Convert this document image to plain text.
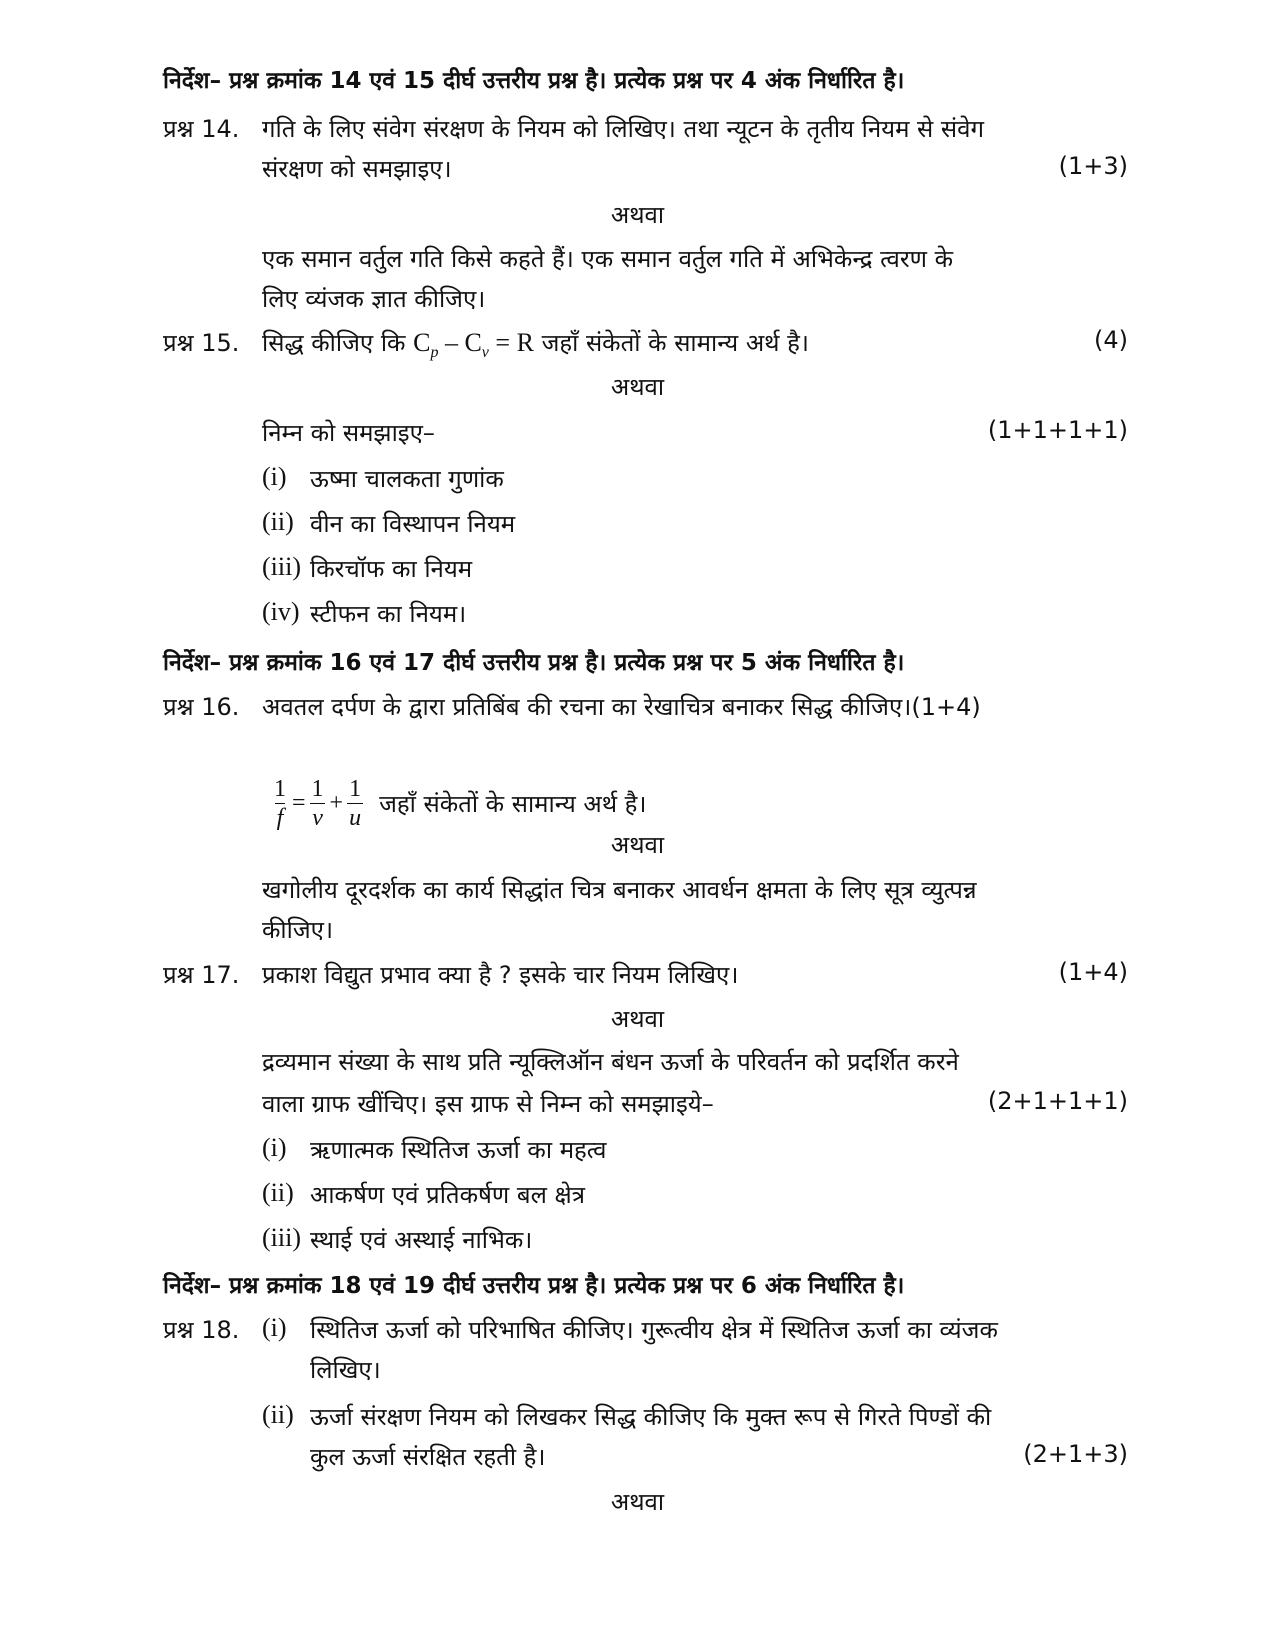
निर्देश– प्रश्न क्रमांक 14 एवं 15 दीर्घ उत्तरीय प्रश्न है। प्रत्येक प्रश्न पर 4 अंक निर्धारित है।
प्रश्न 14. गति के लिए संवेग संरक्षण के नियम को लिखिए। तथा न्यूटन के तृतीय नियम से संवेग
संरक्षण को समझाइए।	(1+3)
अथवा
एक समान वर्तुल गति किसे कहते हैं। एक समान वर्तुल गति में अभिकेन्द्र त्वरण के
लिए व्यंजक ज्ञात कीजिए।
प्रश्न 15. सिद्ध कीजिए कि $C_p - C_v = R$ जहाँ संकेतों के सामान्य अर्थ है।	(4)
अथवा
निम्न को समझाइए–	(1+1+1+1)
(i) ऊष्मा चालकता गुणांक
(ii) वीन का विस्थापन नियम
(iii) किरचॉफ का नियम
(iv) स्टीफन का नियम।
निर्देश– प्रश्न क्रमांक 16 एवं 17 दीर्घ उत्तरीय प्रश्न है। प्रत्येक प्रश्न पर 5 अंक निर्धारित है।
प्रश्न 16. अवतल दर्पण के द्वारा प्रतिबिंब की रचना का रेखाचित्र बनाकर सिद्ध कीजिए।(1+4)
$\frac{1}{f} = \frac{1}{v} + \frac{1}{u}$ जहाँ संकेतों के सामान्य अर्थ है।
अथवा
खगोलीय दूरदर्शक का कार्य सिद्धांत चित्र बनाकर आवर्धन क्षमता के लिए सूत्र व्युत्पन्न
कीजिए।
प्रश्न 17. प्रकाश विद्युत प्रभाव क्या है ? इसके चार नियम लिखिए।	(1+4)
अथवा
द्रव्यमान संख्या के साथ प्रति न्यूक्लिऑन बंधन ऊर्जा के परिवर्तन को प्रदर्शित करने
वाला ग्राफ खींचिए। इस ग्राफ से निम्न को समझाइये–	(2+1+1+1)
(i) ऋणात्मक स्थितिज ऊर्जा का महत्व
(ii) आकर्षण एवं प्रतिकर्षण बल क्षेत्र
(iii) स्थाई एवं अस्थाई नाभिक।
निर्देश– प्रश्न क्रमांक 18 एवं 19 दीर्घ उत्तरीय प्रश्न है। प्रत्येक प्रश्न पर 6 अंक निर्धारित है।
प्रश्न 18. (i) स्थितिज ऊर्जा को परिभाषित कीजिए। गुरूत्वीय क्षेत्र में स्थितिज ऊर्जा का व्यंजक
लिखिए।
(ii) ऊर्जा संरक्षण नियम को लिखकर सिद्ध कीजिए कि मुक्त रूप से गिरते पिण्डों की
कुल ऊर्जा संरक्षित रहती है।	(2+1+3)
अथवा
